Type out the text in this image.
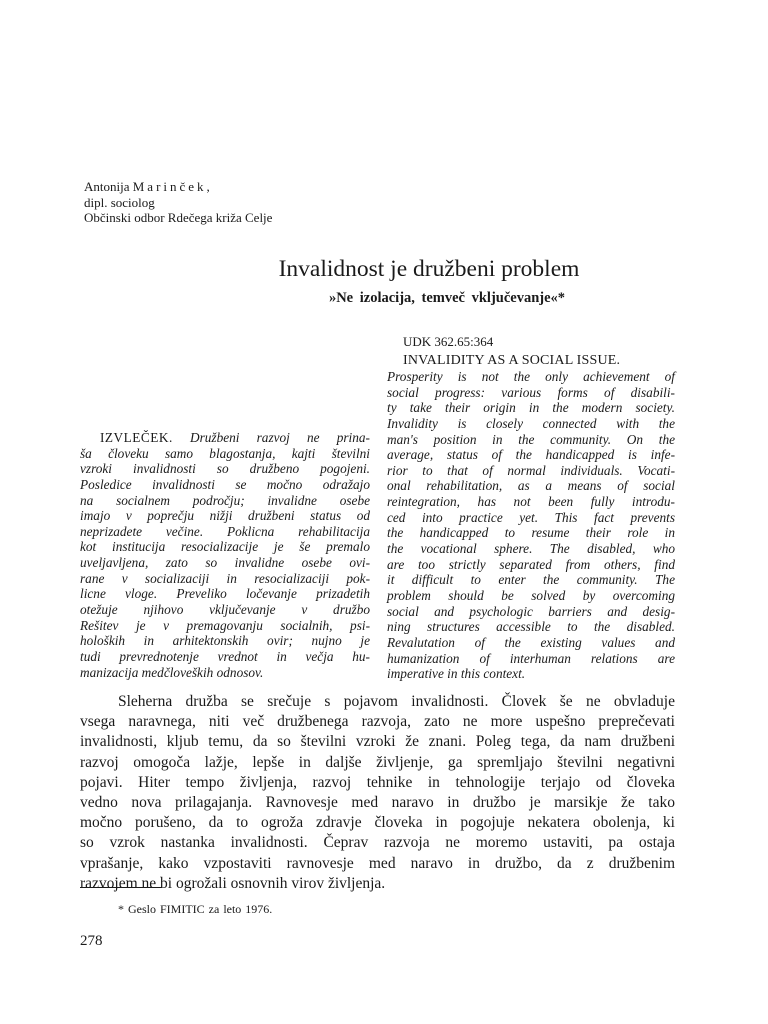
Antonija Marinček,
dipl. sociolog
Občinski odbor Rdečega križa Celje
Invalidnost je družbeni problem
»Ne izolacija, temveč vključevanje«*
UDK 362.65:364
INVALIDITY AS A SOCIAL ISSUE.
Prosperity is not the only achievement of
social progress: various forms of disabili-
ty take their origin in the modern society.
Invalidity is closely connected with the
man's position in the community. On the
average, status of the handicapped is infe-
rior to that of normal individuals. Vocati-
onal rehabilitation, as a means of social
reintegration, has not been fully introdu-
ced into practice yet. This fact prevents
the handicapped to resume their role in
the vocational sphere. The disabled, who
are too strictly separated from others, find
it difficult to enter the community. The
problem should be solved by overcoming
social and psychologic barriers and desig-
ning structures accessible to the disabled.
Revalutation of the existing values and
humanization of interhuman relations are
imperative in this context.
IZVLEČEK. Družbeni razvoj ne prina-
ša človeku samo blagostanja, kajti številni
vzroki invalidnosti so družbeno pogojeni.
Posledice invalidnosti se močno odražajo
na socialnem področju; invalidne osebe
imajo v poprečju nižji družbeni status od
neprizadete večine. Poklicna rehabilitacija
kot institucija resocializacije je še premalo
uveljavljena, zato so invalidne osebe ovi-
rane v socializaciji in resocializaciji pok-
licne vloge. Preveliko ločevanje prizadetih
otežuje njihovo vključevanje v družbo
Rešitev je v premagovanju socialnih, psi-
holoških in arhitektonskih ovir; nujno je
tudi prevrednotenje vrednot in večja hu-
manizacija medčloveških odnosov.
Sleherna družba se srečuje s pojavom invalidnosti. Človek še ne obvladuje
vsega naravnega, niti več družbenega razvoja, zato ne more uspešno preprečevati
invalidnosti, kljub temu, da so številni vzroki že znani. Poleg tega, da nam družbeni
razvoj omogoča lažje, lepše in daljše življenje, ga spremljajo številni negativni
pojavi. Hiter tempo življenja, razvoj tehnike in tehnologije terjajo od človeka
vedno nova prilagajanja. Ravnovesje med naravo in družbo je marsikje že tako
močno porušeno, da to ogroža zdravje človeka in pogojuje nekatera obolenja, ki
so vzrok nastanka invalidnosti. Čeprav razvoja ne moremo ustaviti, pa ostaja
vprašanje, kako vzpostaviti ravnovesje med naravo in družbo, da z družbenim
razvojem ne bi ogrožali osnovnih virov življenja.
* Geslo FIMITIC za leto 1976.
278
